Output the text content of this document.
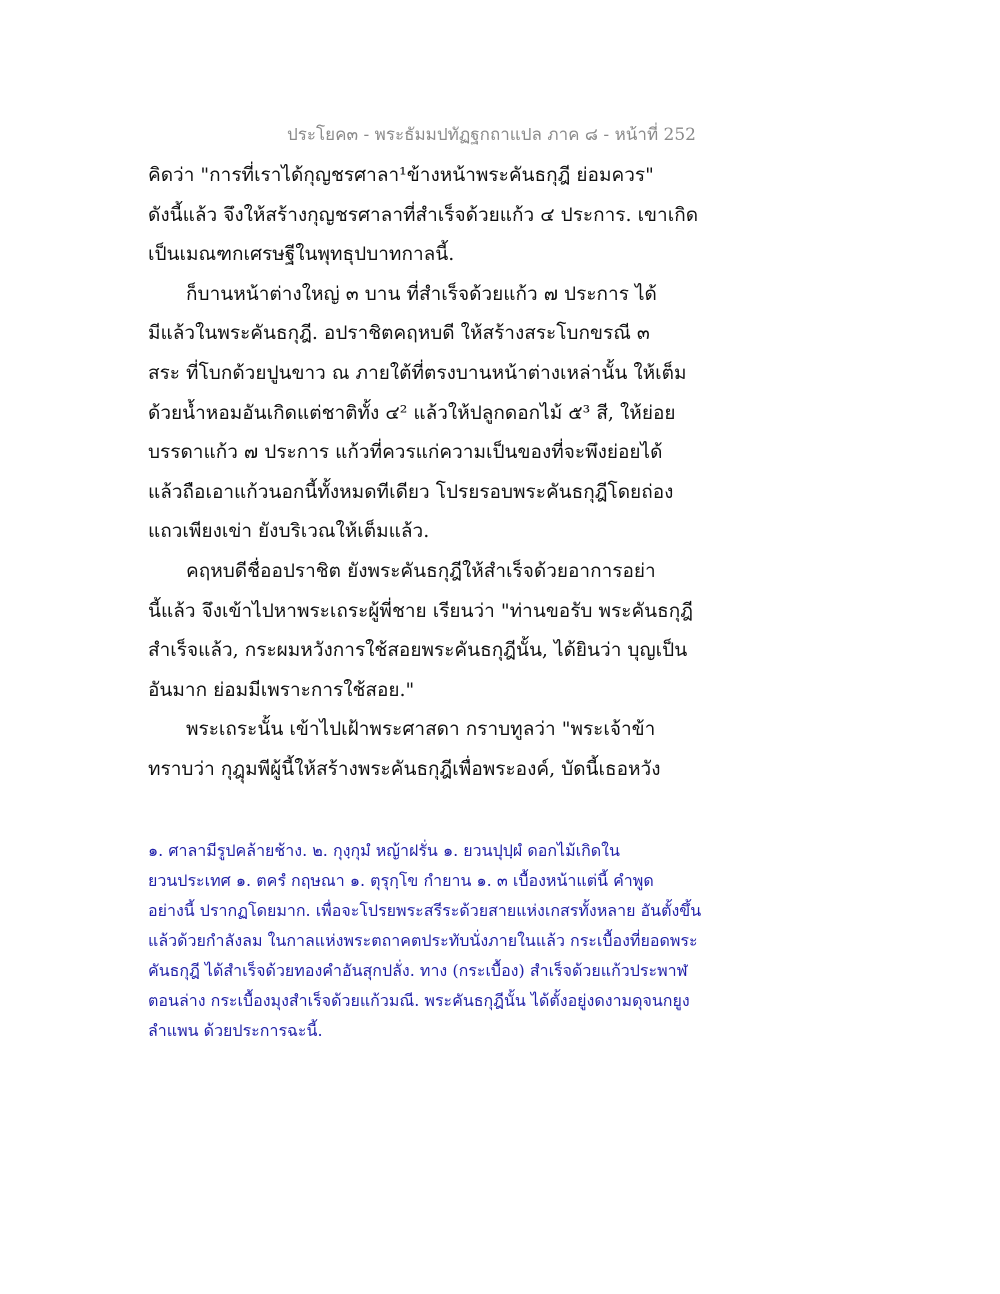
ประโยค๓ - พระธัมมปทัฏฐกถาแปล ภาค ๘ - หน้าที่ 252
คิดว่า "การที่เราได้กุญชรศาลา¹ข้างหน้าพระคันธกุฎี ย่อมควร"
ดังนี้แล้ว จึงให้สร้างกุญชรศาลาที่สำเร็จด้วยแก้ว ๔ ประการ. เขาเกิด
เป็นเมณฑกเศรษฐีในพุทธุปบาทกาลนี้.
ก็บานหน้าต่างใหญ่ ๓ บาน ที่สำเร็จด้วยแก้ว ๗ ประการ ได้
มีแล้วในพระคันธกุฎี. อปราชิตคฤหบดี ให้สร้างสระโบกขรณี ๓
สระ ที่โบกด้วยปูนขาว ณ ภายใต้ที่ตรงบานหน้าต่างเหล่านั้น ให้เต็ม
ด้วยน้ำหอมอันเกิดแต่ชาติทั้ง ๔² แล้วให้ปลูกดอกไม้ ๕³ สี, ให้ย่อย
บรรดาแก้ว ๗ ประการ แก้วที่ควรแก่ความเป็นของที่จะพึงย่อยได้
แล้วถือเอาแก้วนอกนี้ทั้งหมดทีเดียว โปรยรอบพระคันธกุฎีโดยถ่อง
แถวเพียงเข่า ยังบริเวณให้เต็มแล้ว.
คฤหบดีชื่ออปราชิต ยังพระคันธกุฎีให้สำเร็จด้วยอาการอย่า
นี้แล้ว จึงเข้าไปหาพระเถระผู้พี่ชาย เรียนว่า "ท่านขอรับ พระคันธกุฎี
สำเร็จแล้ว, กระผมหวังการใช้สอยพระคันธกุฎีนั้น, ได้ยินว่า บุญเป็น
อันมาก ย่อมมีเพราะการใช้สอย."
พระเถระนั้น เข้าไปเฝ้าพระศาสดา กราบทูลว่า "พระเจ้าข้า
ทราบว่า กุฎุมพีผู้นี้ให้สร้างพระคันธกุฎีเพื่อพระองค์, บัดนี้เธอหวัง
๑. ศาลามีรูปคล้ายช้าง. ๒. กุงฺกุมํ หญ้าฝรั่น ๑. ยวนปุปฺผํ ดอกไม้เกิดใน
ยวนประเทศ ๑. ตครํ กฤษณา ๑. ตุรุกฺโข กำยาน ๑. ๓ เบื้องหน้าแต่นี้ คำพูด
อย่างนี้ ปรากฏโดยมาก. เพื่อจะโปรยพระสรีระด้วยสายแห่งเกสรทั้งหลาย อันตั้งขึ้น
แล้วด้วยกำลังลม ในกาลแห่งพระตถาคตประทับนั่งภายในแล้ว กระเบื้องที่ยอดพระ
คันธกุฎี ได้สำเร็จด้วยทองคำอันสุกปลั่ง. ทาง (กระเบื้อง) สำเร็จด้วยแก้วประพาฬ
ตอนล่าง กระเบื้องมุงสำเร็จด้วยแก้วมณี. พระคันธกุฎีนั้น ได้ตั้งอยู่งดงามดุจนกยูง
ลำแพน ด้วยประการฉะนี้.
